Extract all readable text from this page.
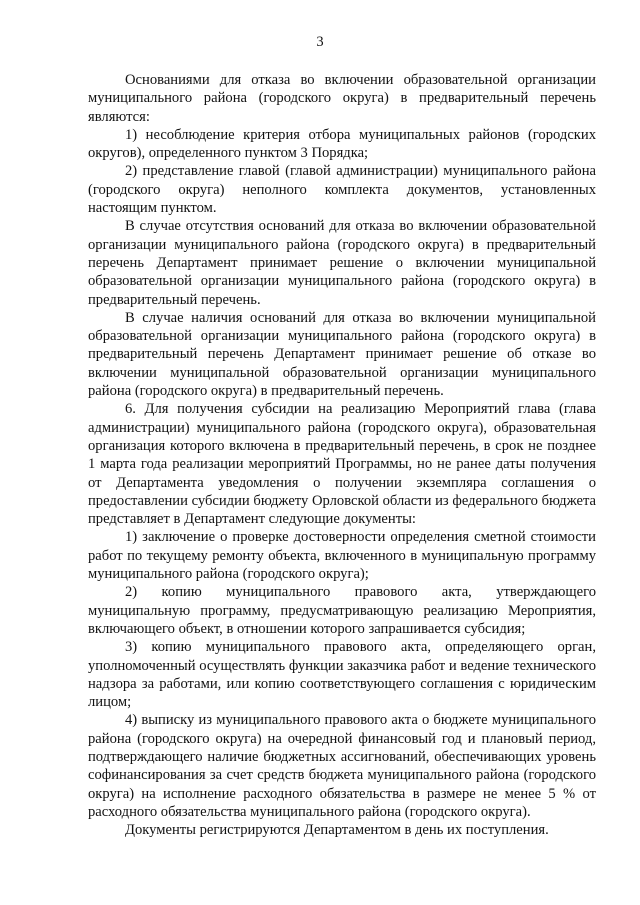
3

Основаниями для отказа во включении образовательной организации муниципального района (городского округа) в предварительный перечень являются:

1) несоблюдение критерия отбора муниципальных районов (городских округов), определенного пунктом 3 Порядка;

2) представление главой (главой администрации) муниципального района (городского округа) неполного комплекта документов, установленных настоящим пунктом.

В случае отсутствия оснований для отказа во включении образовательной организации муниципального района (городского округа) в предварительный перечень Департамент принимает решение о включении муниципальной образовательной организации муниципального района (городского округа) в предварительный перечень.

В случае наличия оснований для отказа во включении муниципальной образовательной организации муниципального района (городского округа) в предварительный перечень Департамент принимает решение об отказе во включении муниципальной образовательной организации муниципального района (городского округа) в предварительный перечень.

6. Для получения субсидии на реализацию Мероприятий глава (глава администрации) муниципального района (городского округа), образовательная организация которого включена в предварительный перечень, в срок не позднее 1 марта года реализации мероприятий Программы, но не ранее даты получения от Департамента уведомления о получении экземпляра соглашения о предоставлении субсидии бюджету Орловской области из федерального бюджета представляет в Департамент следующие документы:

1) заключение о проверке достоверности определения сметной стоимости работ по текущему ремонту объекта, включенного в муниципальную программу муниципального района (городского округа);

2) копию муниципального правового акта, утверждающего муниципальную программу, предусматривающую реализацию Мероприятия, включающего объект, в отношении которого запрашивается субсидия;

3) копию муниципального правового акта, определяющего орган, уполномоченный осуществлять функции заказчика работ и ведение технического надзора за работами, или копию соответствующего соглашения с юридическим лицом;

4) выписку из муниципального правового акта о бюджете муниципального района (городского округа) на очередной финансовый год и плановый период, подтверждающего наличие бюджетных ассигнований, обеспечивающих уровень софинансирования за счет средств бюджета муниципального района (городского округа) на исполнение расходного обязательства в размере не менее 5 % от расходного обязательства муниципального района (городского округа).

Документы регистрируются Департаментом в день их поступления.
